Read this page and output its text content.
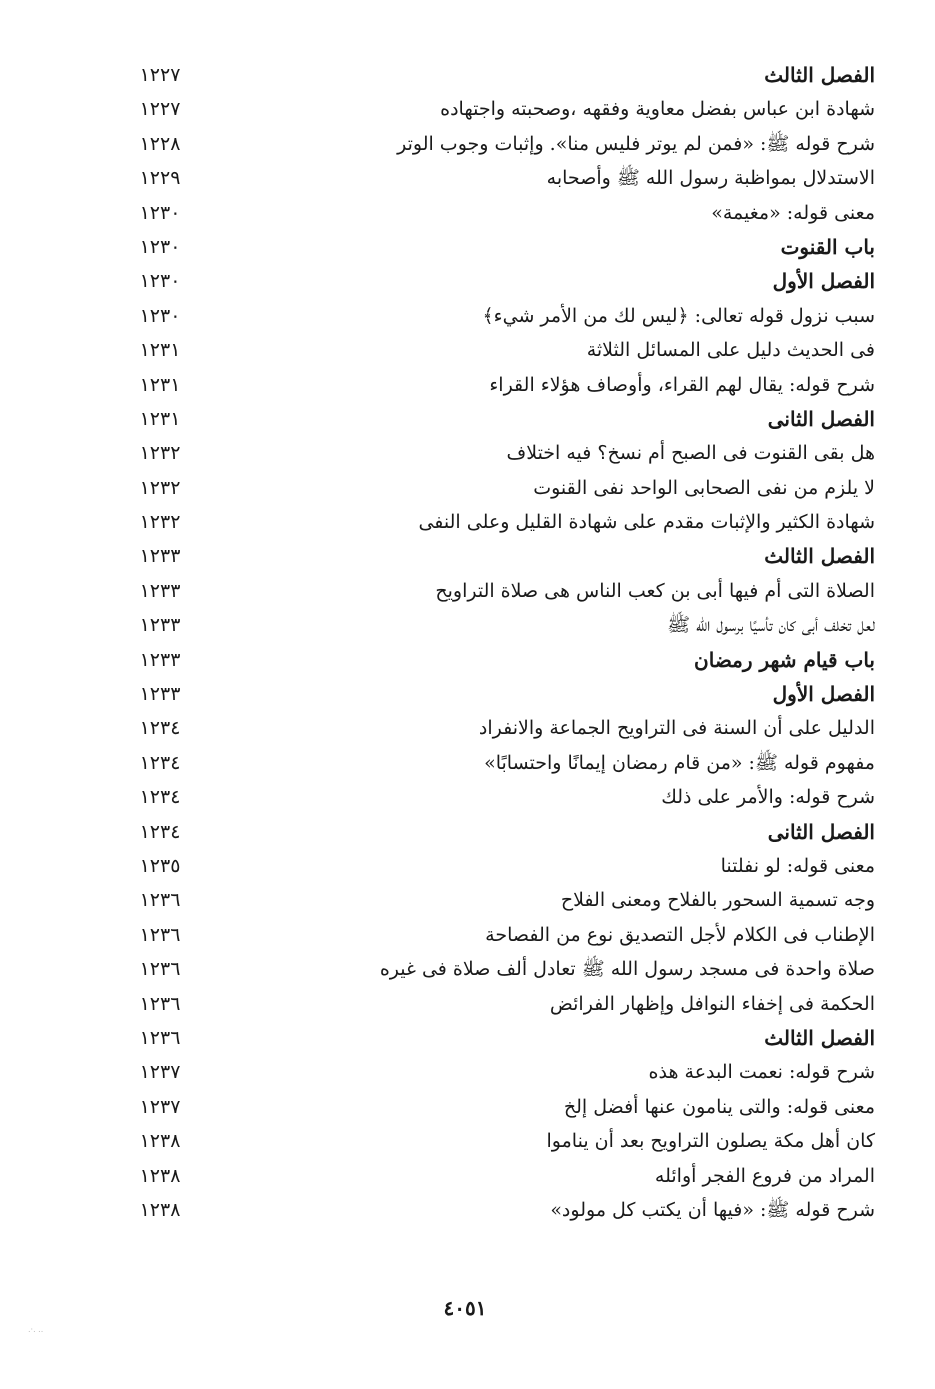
الفصل الثالث
١٢٢٧
شهادة ابن عباس بفضل معاوية وفقهه ،وصحبته واجتهاده
١٢٢٧
شرح قوله ﷺ: «فمن لم يوتر فليس منا». وإثبات وجوب الوتر
١٢٢٨
الاستدلال بمواظبة رسول الله ﷺ وأصحابه
١٢٢٩
معنى قوله: «مغيمة»
١٢٣٠
باب القنوت
١٢٣٠
الفصل الأول
١٢٣٠
سبب نزول قوله تعالى: ﴿ليس لك من الأمر شيء﴾
١٢٣٠
فى الحديث دليل على المسائل الثلاثة
١٢٣١
شرح قوله: يقال لهم القراء، وأوصاف هؤلاء القراء
١٢٣١
الفصل الثانى
١٢٣١
هل بقى القنوت فى الصبح أم نسخ؟ فيه اختلاف
١٢٣٢
لا يلزم من نفى الصحابى الواحد نفى القنوت
١٢٣٢
شهادة الكثير والإثبات مقدم على شهادة القليل وعلى النفى
١٢٣٢
الفصل الثالث
١٢٣٣
الصلاة التى أم فيها أبى بن كعب الناس هى صلاة التراويح
١٢٣٣
لعل تخلف أبى كان تأسيًا برسول الله ﷺ
١٢٣٣
باب قيام شهر رمضان
١٢٣٣
الفصل الأول
١٢٣٣
الدليل على أن السنة فى التراويح الجماعة والانفراد
١٢٣٤
مفهوم قوله ﷺ: «من قام رمضان إيمانًا واحتسابًا»
١٢٣٤
شرح قوله: والأمر على ذلك
١٢٣٤
الفصل الثانى
١٢٣٤
معنى قوله: لو نفلتنا
١٢٣٥
وجه تسمية السحور بالفلاح ومعنى الفلاح
١٢٣٦
الإطناب فى الكلام لأجل التصديق نوع من الفصاحة
١٢٣٦
صلاة واحدة فى مسجد رسول الله ﷺ تعادل ألف صلاة فى غيره
١٢٣٦
الحكمة فى إخفاء النوافل وإظهار الفرائض
١٢٣٦
الفصل الثالث
١٢٣٦
شرح قوله: نعمت البدعة هذه
١٢٣٧
معنى قوله: والتى ينامون عنها أفضل إلخ
١٢٣٧
كان أهل مكة يصلون التراويح بعد أن يناموا
١٢٣٨
المراد من فروع الفجر أوائله
١٢٣٨
شرح قوله ﷺ: «فيها أن يكتب كل مولود»
١٢٣٨
٤٠٥١
.·. ..
